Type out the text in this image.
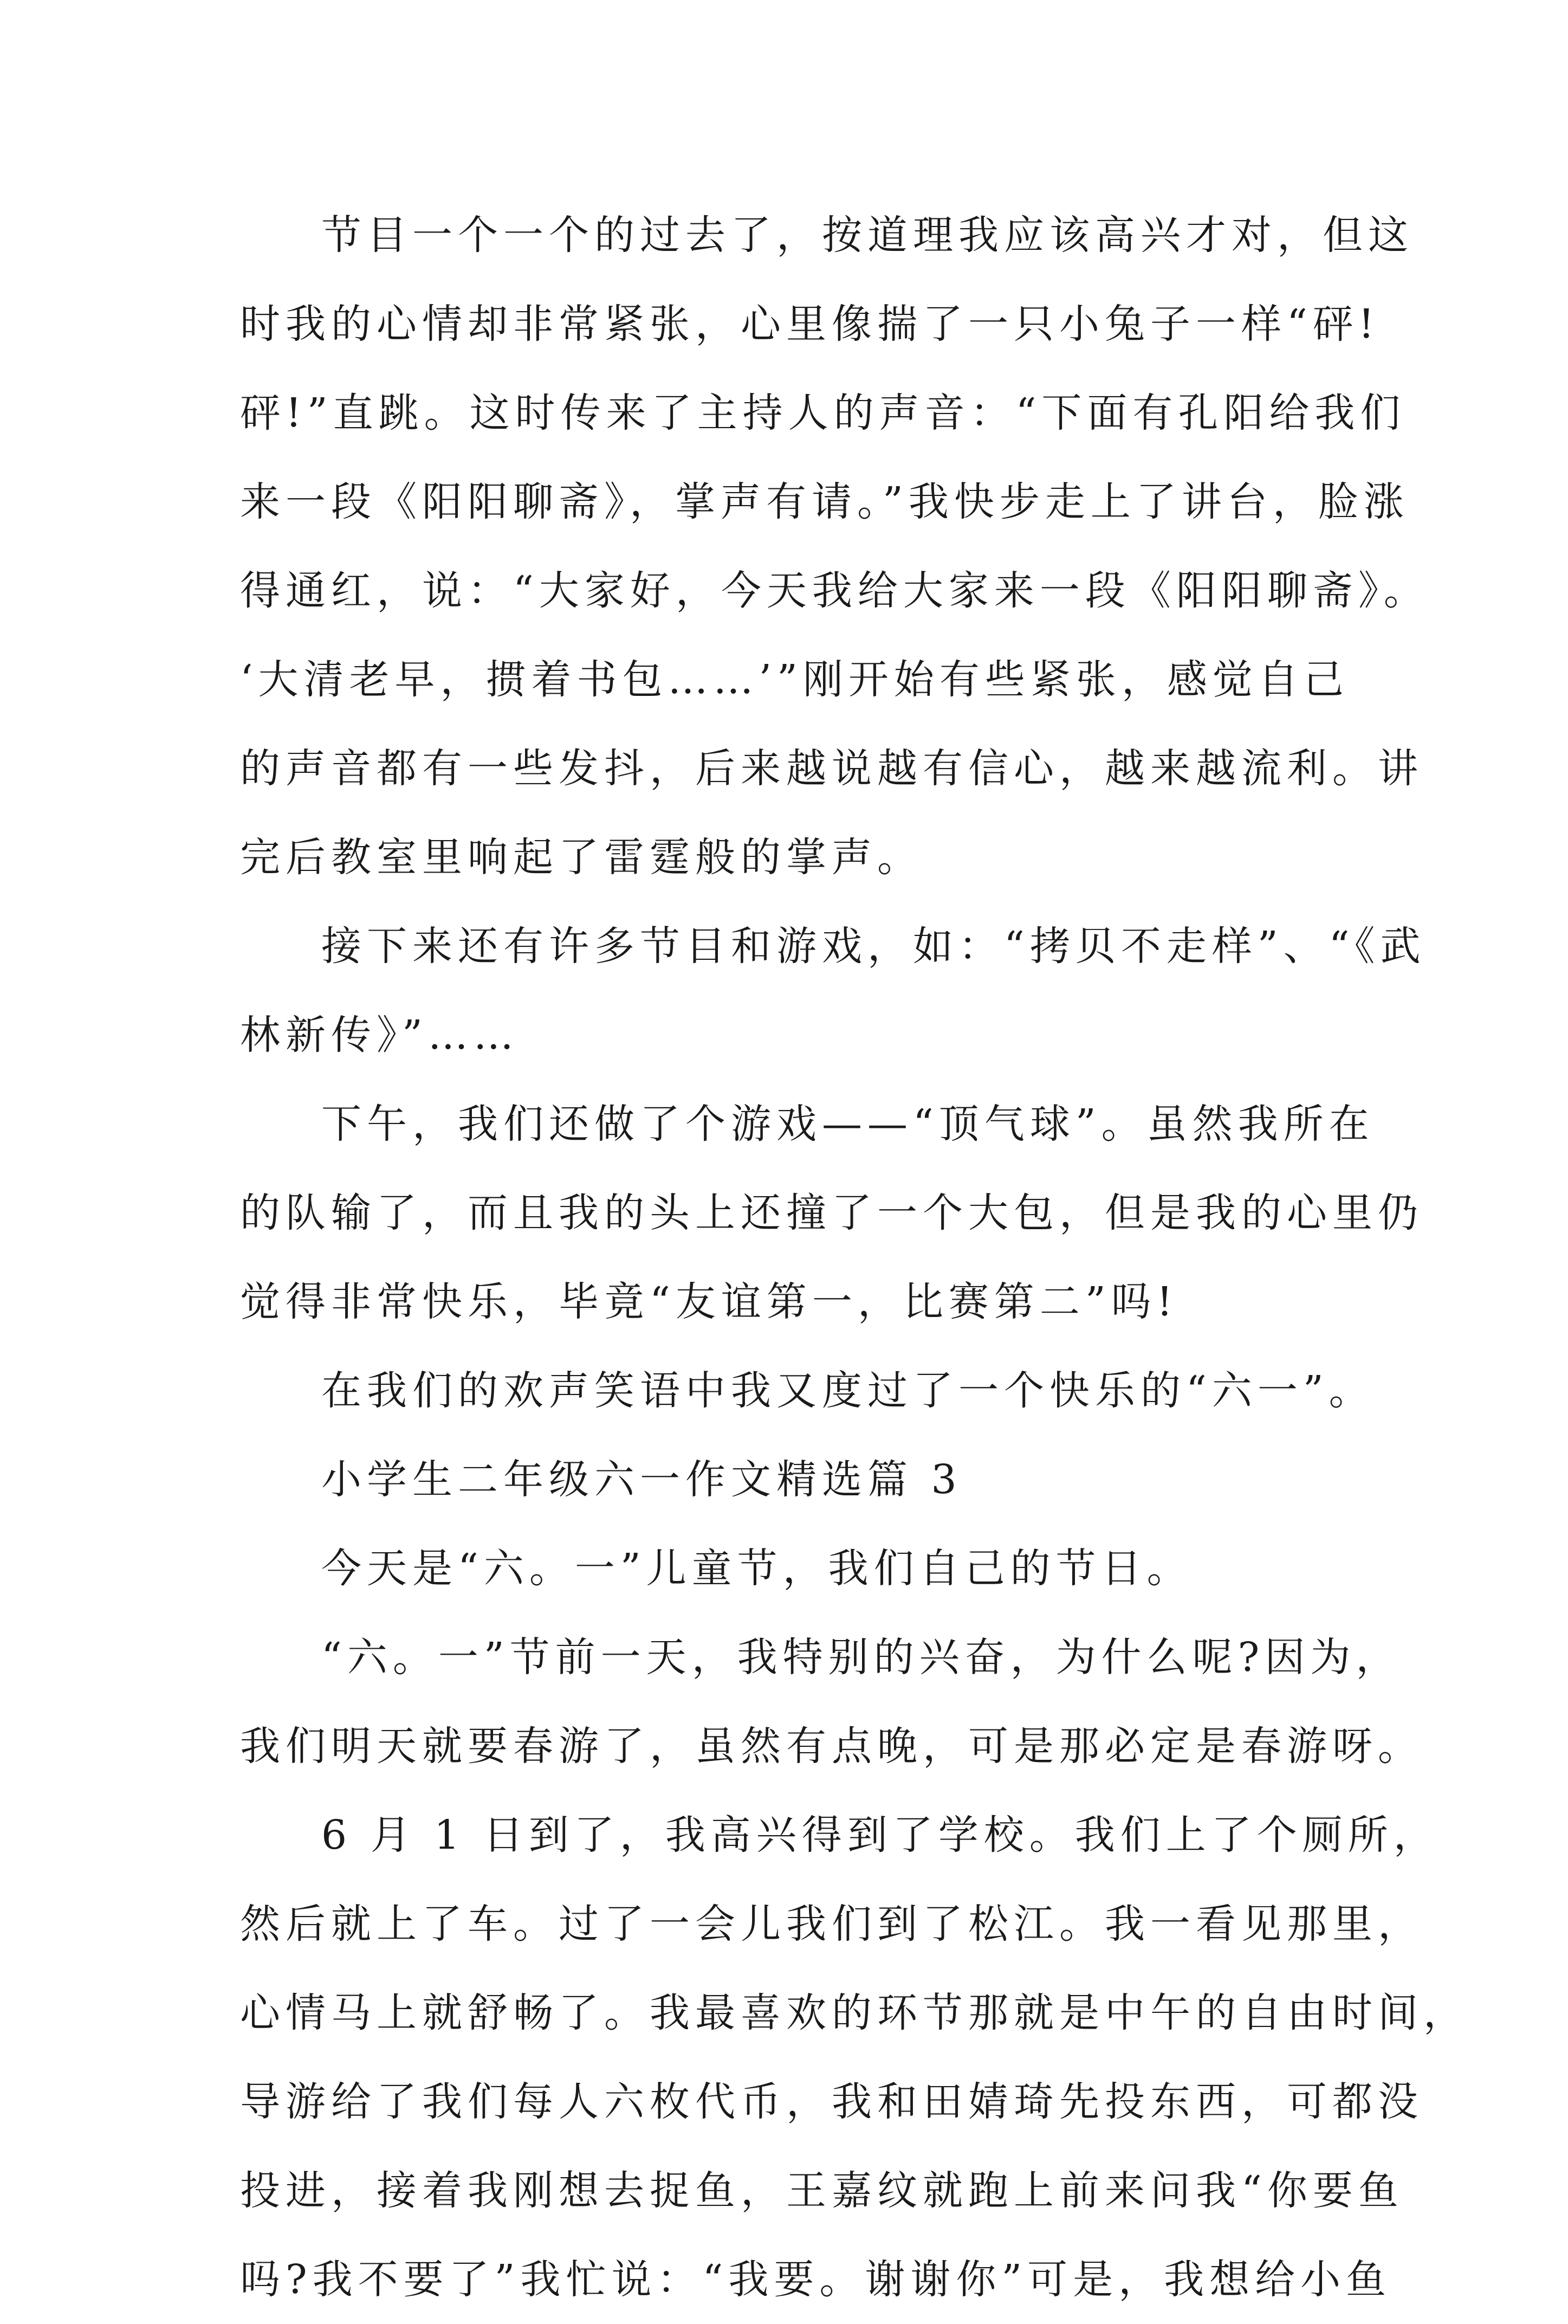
节目一个一个的过去了，按道理我应该高兴才对，但这
时我的心情却非常紧张，心里像揣了一只小兔子一样“砰!
砰!”直跳。这时传来了主持人的声音：“下面有孔阳给我们
来一段《阳阳聊斋》，掌声有请。”我快步走上了讲台，脸涨
得通红，说：“大家好，今天我给大家来一段《阳阳聊斋》。
‘大清老早，掼着书包……’”刚开始有些紧张，感觉自己
的声音都有一些发抖，后来越说越有信心，越来越流利。讲
完后教室里响起了雷霆般的掌声。
接下来还有许多节目和游戏，如：“拷贝不走样”、“《武
林新传》”……
下午，我们还做了个游戏——“顶气球”。虽然我所在
的队输了，而且我的头上还撞了一个大包，但是我的心里仍
觉得非常快乐，毕竟“友谊第一，比赛第二”吗!
在我们的欢声笑语中我又度过了一个快乐的“六一”。
小学生二年级六一作文精选篇 3
今天是“六。一”儿童节，我们自己的节日。
“六。一”节前一天，我特别的兴奋，为什么呢?因为，
我们明天就要春游了，虽然有点晚，可是那必定是春游呀。
6 月 1 日到了，我高兴得到了学校。我们上了个厕所，
然后就上了车。过了一会儿我们到了松江。我一看见那里，
心情马上就舒畅了。我最喜欢的环节那就是中午的自由时间，
导游给了我们每人六枚代币，我和田婧琦先投东西，可都没
投进，接着我刚想去捉鱼，王嘉纹就跑上前来问我“你要鱼
吗?我不要了”我忙说：“我要。谢谢你”可是，我想给小鱼
